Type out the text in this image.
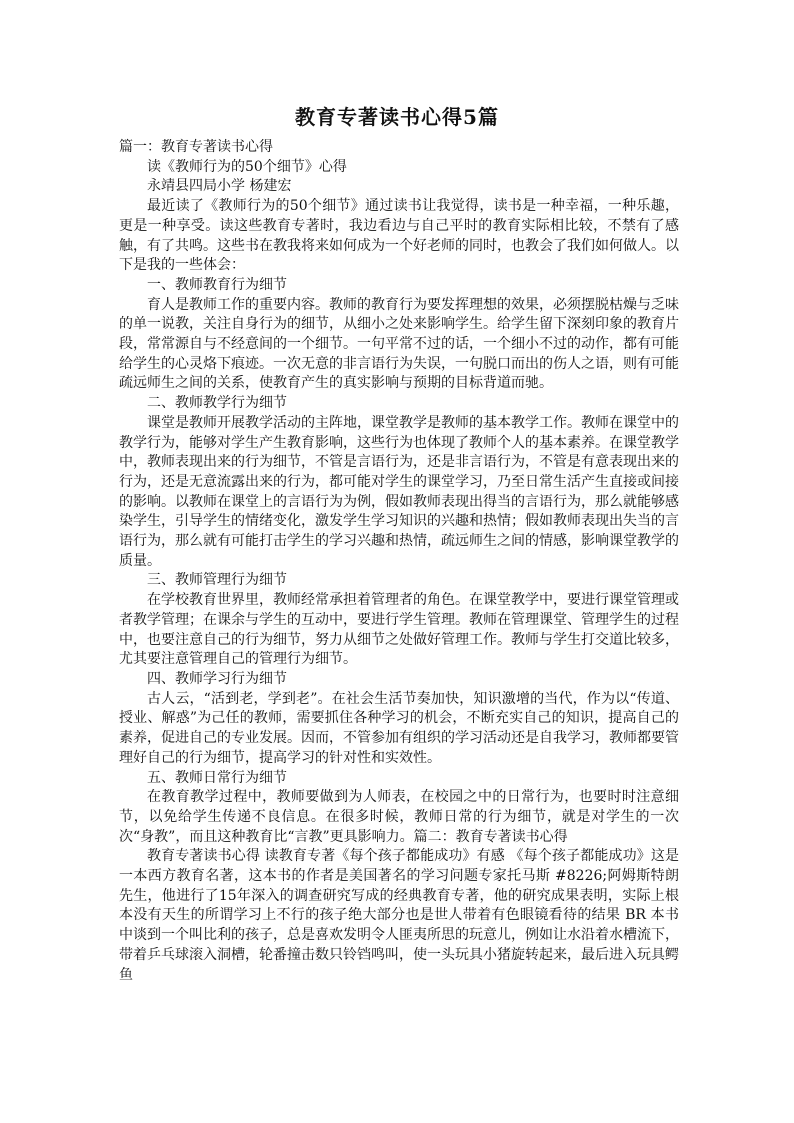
教育专著读书心得5篇

篇一：教育专著读书心得

读《教师行为的50个细节》心得

永靖县四局小学 杨建宏

最近读了《教师行为的50个细节》通过读书让我觉得，读书是一种幸福，一种乐趣，更是一种享受。读这些教育专著时，我边看边与自己平时的教育实际相比较，不禁有了感触，有了共鸣。这些书在教我将来如何成为一个好老师的同时，也教会了我们如何做人。以下是我的一些体会：

一、教师教育行为细节

育人是教师工作的重要内容。教师的教育行为要发挥理想的效果，必须摆脱枯燥与乏味的单一说教，关注自身行为的细节，从细小之处来影响学生。给学生留下深刻印象的教育片段，常常源自与不经意间的一个细节。一句平常不过的话，一个细小不过的动作，都有可能给学生的心灵烙下痕迹。一次无意的非言语行为失误，一句脱口而出的伤人之语，则有可能疏远师生之间的关系，使教育产生的真实影响与预期的目标背道而驰。

二、教师教学行为细节

课堂是教师开展教学活动的主阵地，课堂教学是教师的基本教学工作。教师在课堂中的教学行为，能够对学生产生教育影响，这些行为也体现了教师个人的基本素养。在课堂教学中，教师表现出来的行为细节，不管是言语行为，还是非言语行为，不管是有意表现出来的行为，还是无意流露出来的行为，都可能对学生的课堂学习，乃至日常生活产生直接或间接的影响。以教师在课堂上的言语行为为例，假如教师表现出得当的言语行为，那么就能够感染学生，引导学生的情绪变化，激发学生学习知识的兴趣和热情；假如教师表现出失当的言语行为，那么就有可能打击学生的学习兴趣和热情，疏远师生之间的情感，影响课堂教学的质量。

三、教师管理行为细节

在学校教育世界里，教师经常承担着管理者的角色。在课堂教学中，要进行课堂管理或者教学管理；在课余与学生的互动中，要进行学生管理。教师在管理课堂、管理学生的过程中，也要注意自己的行为细节，努力从细节之处做好管理工作。教师与学生打交道比较多，尤其要注意管理自己的管理行为细节。

四、教师学习行为细节

古人云，“活到老，学到老”。在社会生活节奏加快，知识激增的当代，作为以“传道、授业、解惑”为己任的教师，需要抓住各种学习的机会，不断充实自己的知识，提高自己的素养，促进自己的专业发展。因而，不管参加有组织的学习活动还是自我学习，教师都要管理好自己的行为细节，提高学习的针对性和实效性。

五、教师日常行为细节

在教育教学过程中，教师要做到为人师表，在校园之中的日常行为，也要时时注意细节，以免给学生传递不良信息。在很多时候，教师日常的行为细节，就是对学生的一次次“身教”，而且这种教育比“言教”更具影响力。篇二：教育专著读书心得

教育专著读书心得 读教育专著《每个孩子都能成功》有感 《每个孩子都能成功》这是一本西方教育名著，这本书的作者是美国著名的学习问题专家托马斯 #8226;阿姆斯特朗先生，他进行了15年深入的调查研究写成的经典教育专著，他的研究成果表明，实际上根本没有天生的所谓学习上不行的孩子绝大部分也是世人带着有色眼镜看待的结果 BR 本书中谈到一个叫比利的孩子，总是喜欢发明令人匪夷所思的玩意儿，例如让水沿着水槽流下，带着乒乓球滚入洞槽，轮番撞击数只铃铛鸣叫，使一头玩具小猪旋转起来，最后进入玩具鳄鱼
